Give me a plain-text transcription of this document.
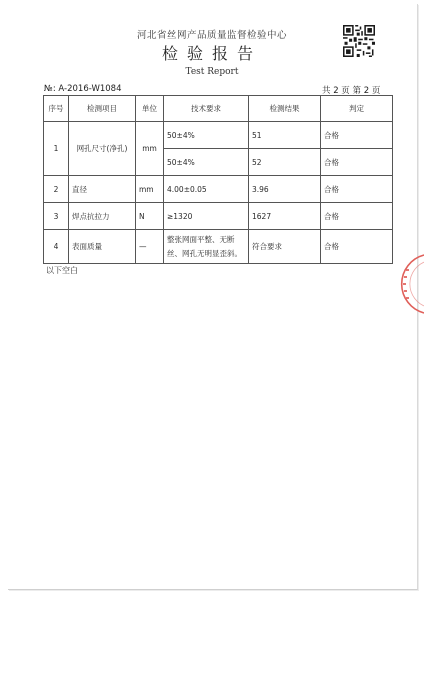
河北省丝网产品质量监督检验中心
检验报告
Test Report
№: A-2016-W1084	共 2 页 第 2 页
序号	检测项目	单位	技术要求	检测结果	判定
1	网孔尺寸(净孔)	mm	50±4%	51	合格
			50±4%	52	合格
2	直径	mm	4.00±0.05	3.96	合格
3	焊点抗拉力	N	≥1320	1627	合格
4	表面质量	—	整张网面平整、无断丝、网孔无明显歪斜。	符合要求	合格
以下空白
